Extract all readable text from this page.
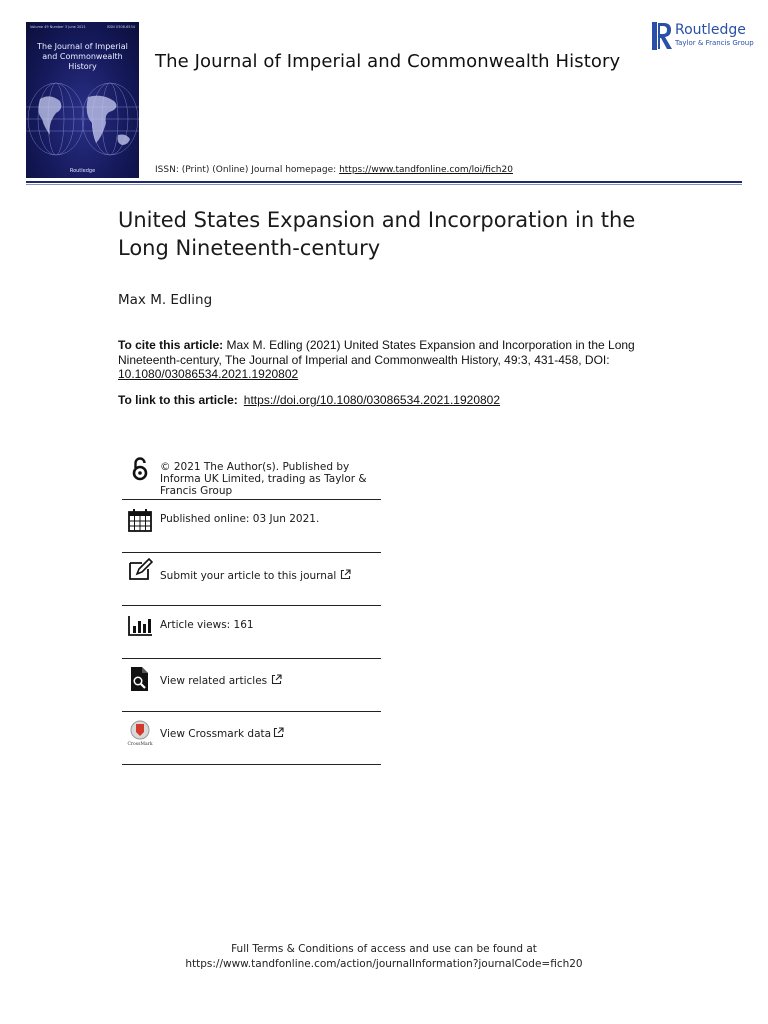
Volume 49 Number 3 June 2021	ISSN 0308-6534
The Journal of Imperial and Commonwealth History
Routledge
The Journal of Imperial and Commonwealth History
Routledge
Taylor & Francis Group
ISSN: (Print) (Online) Journal homepage: https://www.tandfonline.com/loi/fich20
United States Expansion and Incorporation in the Long Nineteenth-century
Max M. Edling
To cite this article: Max M. Edling (2021) United States Expansion and Incorporation in the Long Nineteenth-century, The Journal of Imperial and Commonwealth History, 49:3, 431-458, DOI: 10.1080/03086534.2021.1920802
To link to this article: https://doi.org/10.1080/03086534.2021.1920802
© 2021 The Author(s). Published by Informa UK Limited, trading as Taylor & Francis Group
Published online: 03 Jun 2021.
Submit your article to this journal
Article views: 161
View related articles
CrossMark
View Crossmark data
Full Terms & Conditions of access and use can be found at
https://www.tandfonline.com/action/journalInformation?journalCode=fich20
